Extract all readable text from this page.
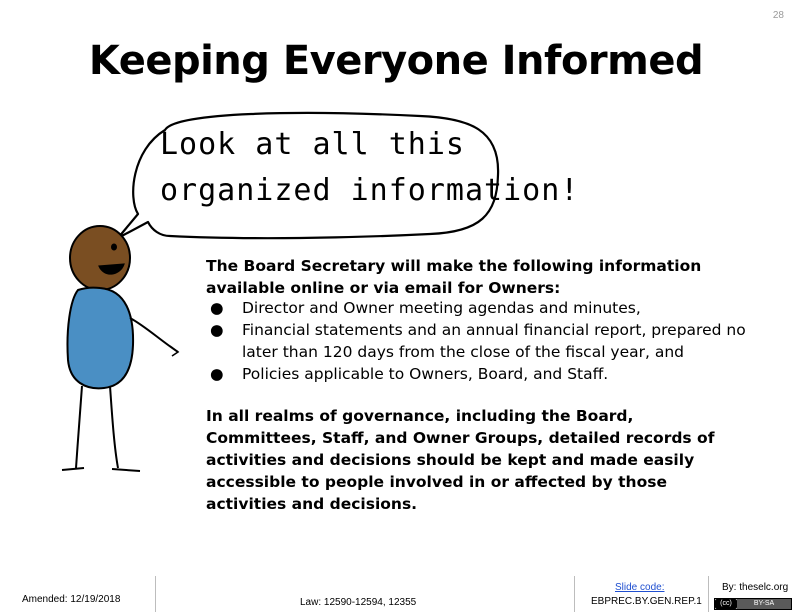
28
Keeping Everyone Informed
Look at all this
organized information!
The Board Secretary will make the following information available online or via email for Owners:
● Director and Owner meeting agendas and minutes,
● Financial statements and an annual financial report, prepared no later than 120 days from the close of the fiscal year, and
● Policies applicable to Owners, Board, and Staff.
In all realms of governance, including the Board, Committees, Staff, and Owner Groups, detailed records of activities and decisions should be kept and made easily accessible to people involved in or affected by those activities and decisions.
Amended: 12/19/2018	Law: 12590-12594, 12355
Slide code:
EBPREC.BY.GEN.REP.1
By: theselc.org
(cc)	BY-SA
